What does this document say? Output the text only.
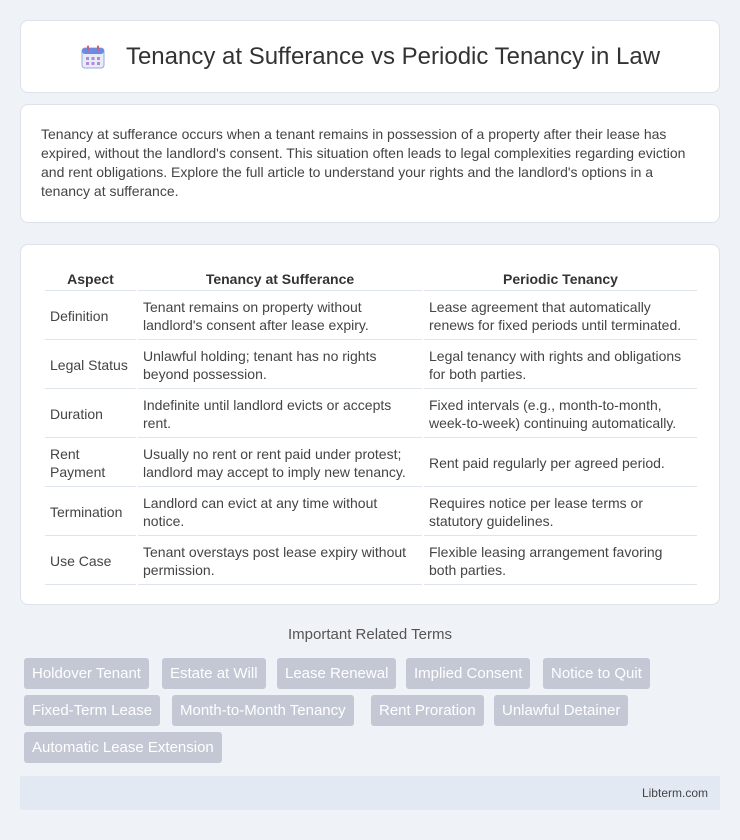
Tenancy at Sufferance vs Periodic Tenancy in Law

Tenancy at sufferance occurs when a tenant remains in possession of a property after their lease has expired, without the landlord's consent. This situation often leads to legal complexities regarding eviction and rent obligations. Explore the full article to understand your rights and the landlord's options in a tenancy at sufferance.

Aspect	Tenancy at Sufferance	Periodic Tenancy
Definition	Tenant remains on property without landlord's consent after lease expiry.	Lease agreement that automatically renews for fixed periods until terminated.
Legal Status	Unlawful holding; tenant has no rights beyond possession.	Legal tenancy with rights and obligations for both parties.
Duration	Indefinite until landlord evicts or accepts rent.	Fixed intervals (e.g., month-to-month, week-to-week) continuing automatically.
Rent Payment	Usually no rent or rent paid under protest; landlord may accept to imply new tenancy.	Rent paid regularly per agreed period.
Termination	Landlord can evict at any time without notice.	Requires notice per lease terms or statutory guidelines.
Use Case	Tenant overstays post lease expiry without permission.	Flexible leasing arrangement favoring both parties.
Important Related Terms
Holdover Tenant	Estate at Will	Lease Renewal	Implied Consent	Notice to Quit
Fixed-Term Lease	Month-to-Month Tenancy	Rent Proration	Unlawful Detainer
Automatic Lease Extension
Libterm.com
